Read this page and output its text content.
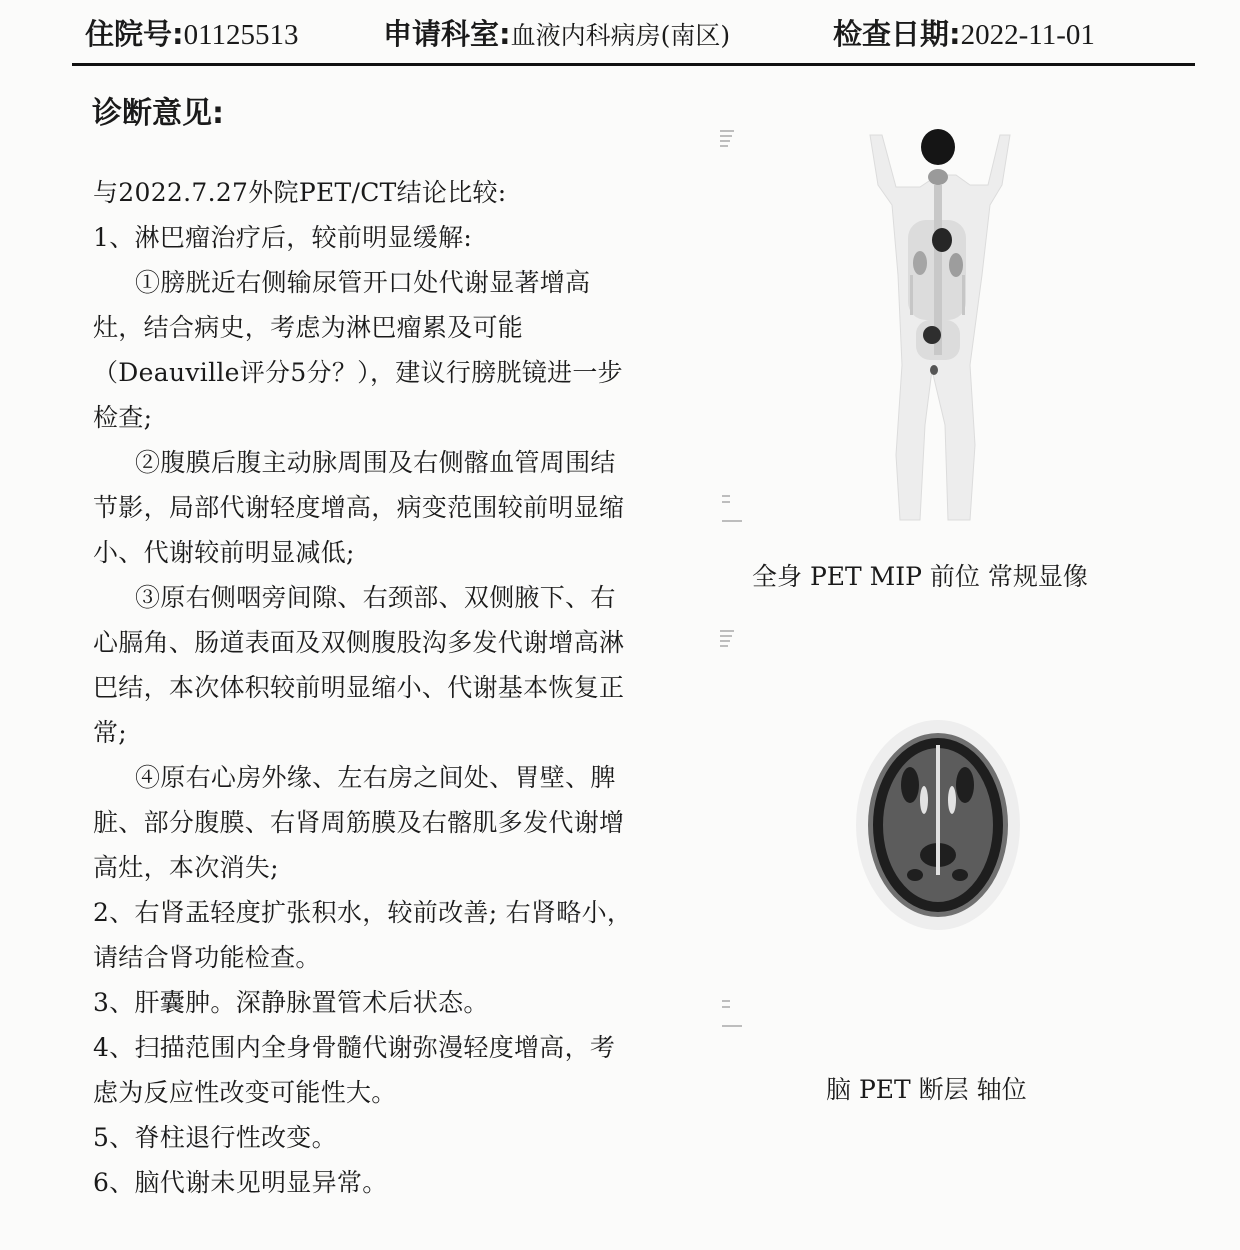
住院号:01125513	申请科室:血液内科病房(南区)	检查日期:2022-11-01
诊断意见:
与2022.7.27外院PET/CT结论比较:
1、淋巴瘤治疗后，较前明显缓解:
①膀胱近右侧输尿管开口处代谢显著增高
灶，结合病史，考虑为淋巴瘤累及可能
（Deauville评分5分？），建议行膀胱镜进一步
检查;
②腹膜后腹主动脉周围及右侧髂血管周围结
节影，局部代谢轻度增高，病变范围较前明显缩
小、代谢较前明显减低;
③原右侧咽旁间隙、右颈部、双侧腋下、右
心膈角、肠道表面及双侧腹股沟多发代谢增高淋
巴结，本次体积较前明显缩小、代谢基本恢复正
常;
④原右心房外缘、左右房之间处、胃壁、脾
脏、部分腹膜、右肾周筋膜及右髂肌多发代谢增
高灶，本次消失;
2、右肾盂轻度扩张积水，较前改善; 右肾略小，
请结合肾功能检查。
3、肝囊肿。深静脉置管术后状态。
4、扫描范围内全身骨髓代谢弥漫轻度增高，考
虑为反应性改变可能性大。
5、脊柱退行性改变。
6、脑代谢未见明显异常。
全身 PET MIP 前位 常规显像
脑 PET 断层 轴位
